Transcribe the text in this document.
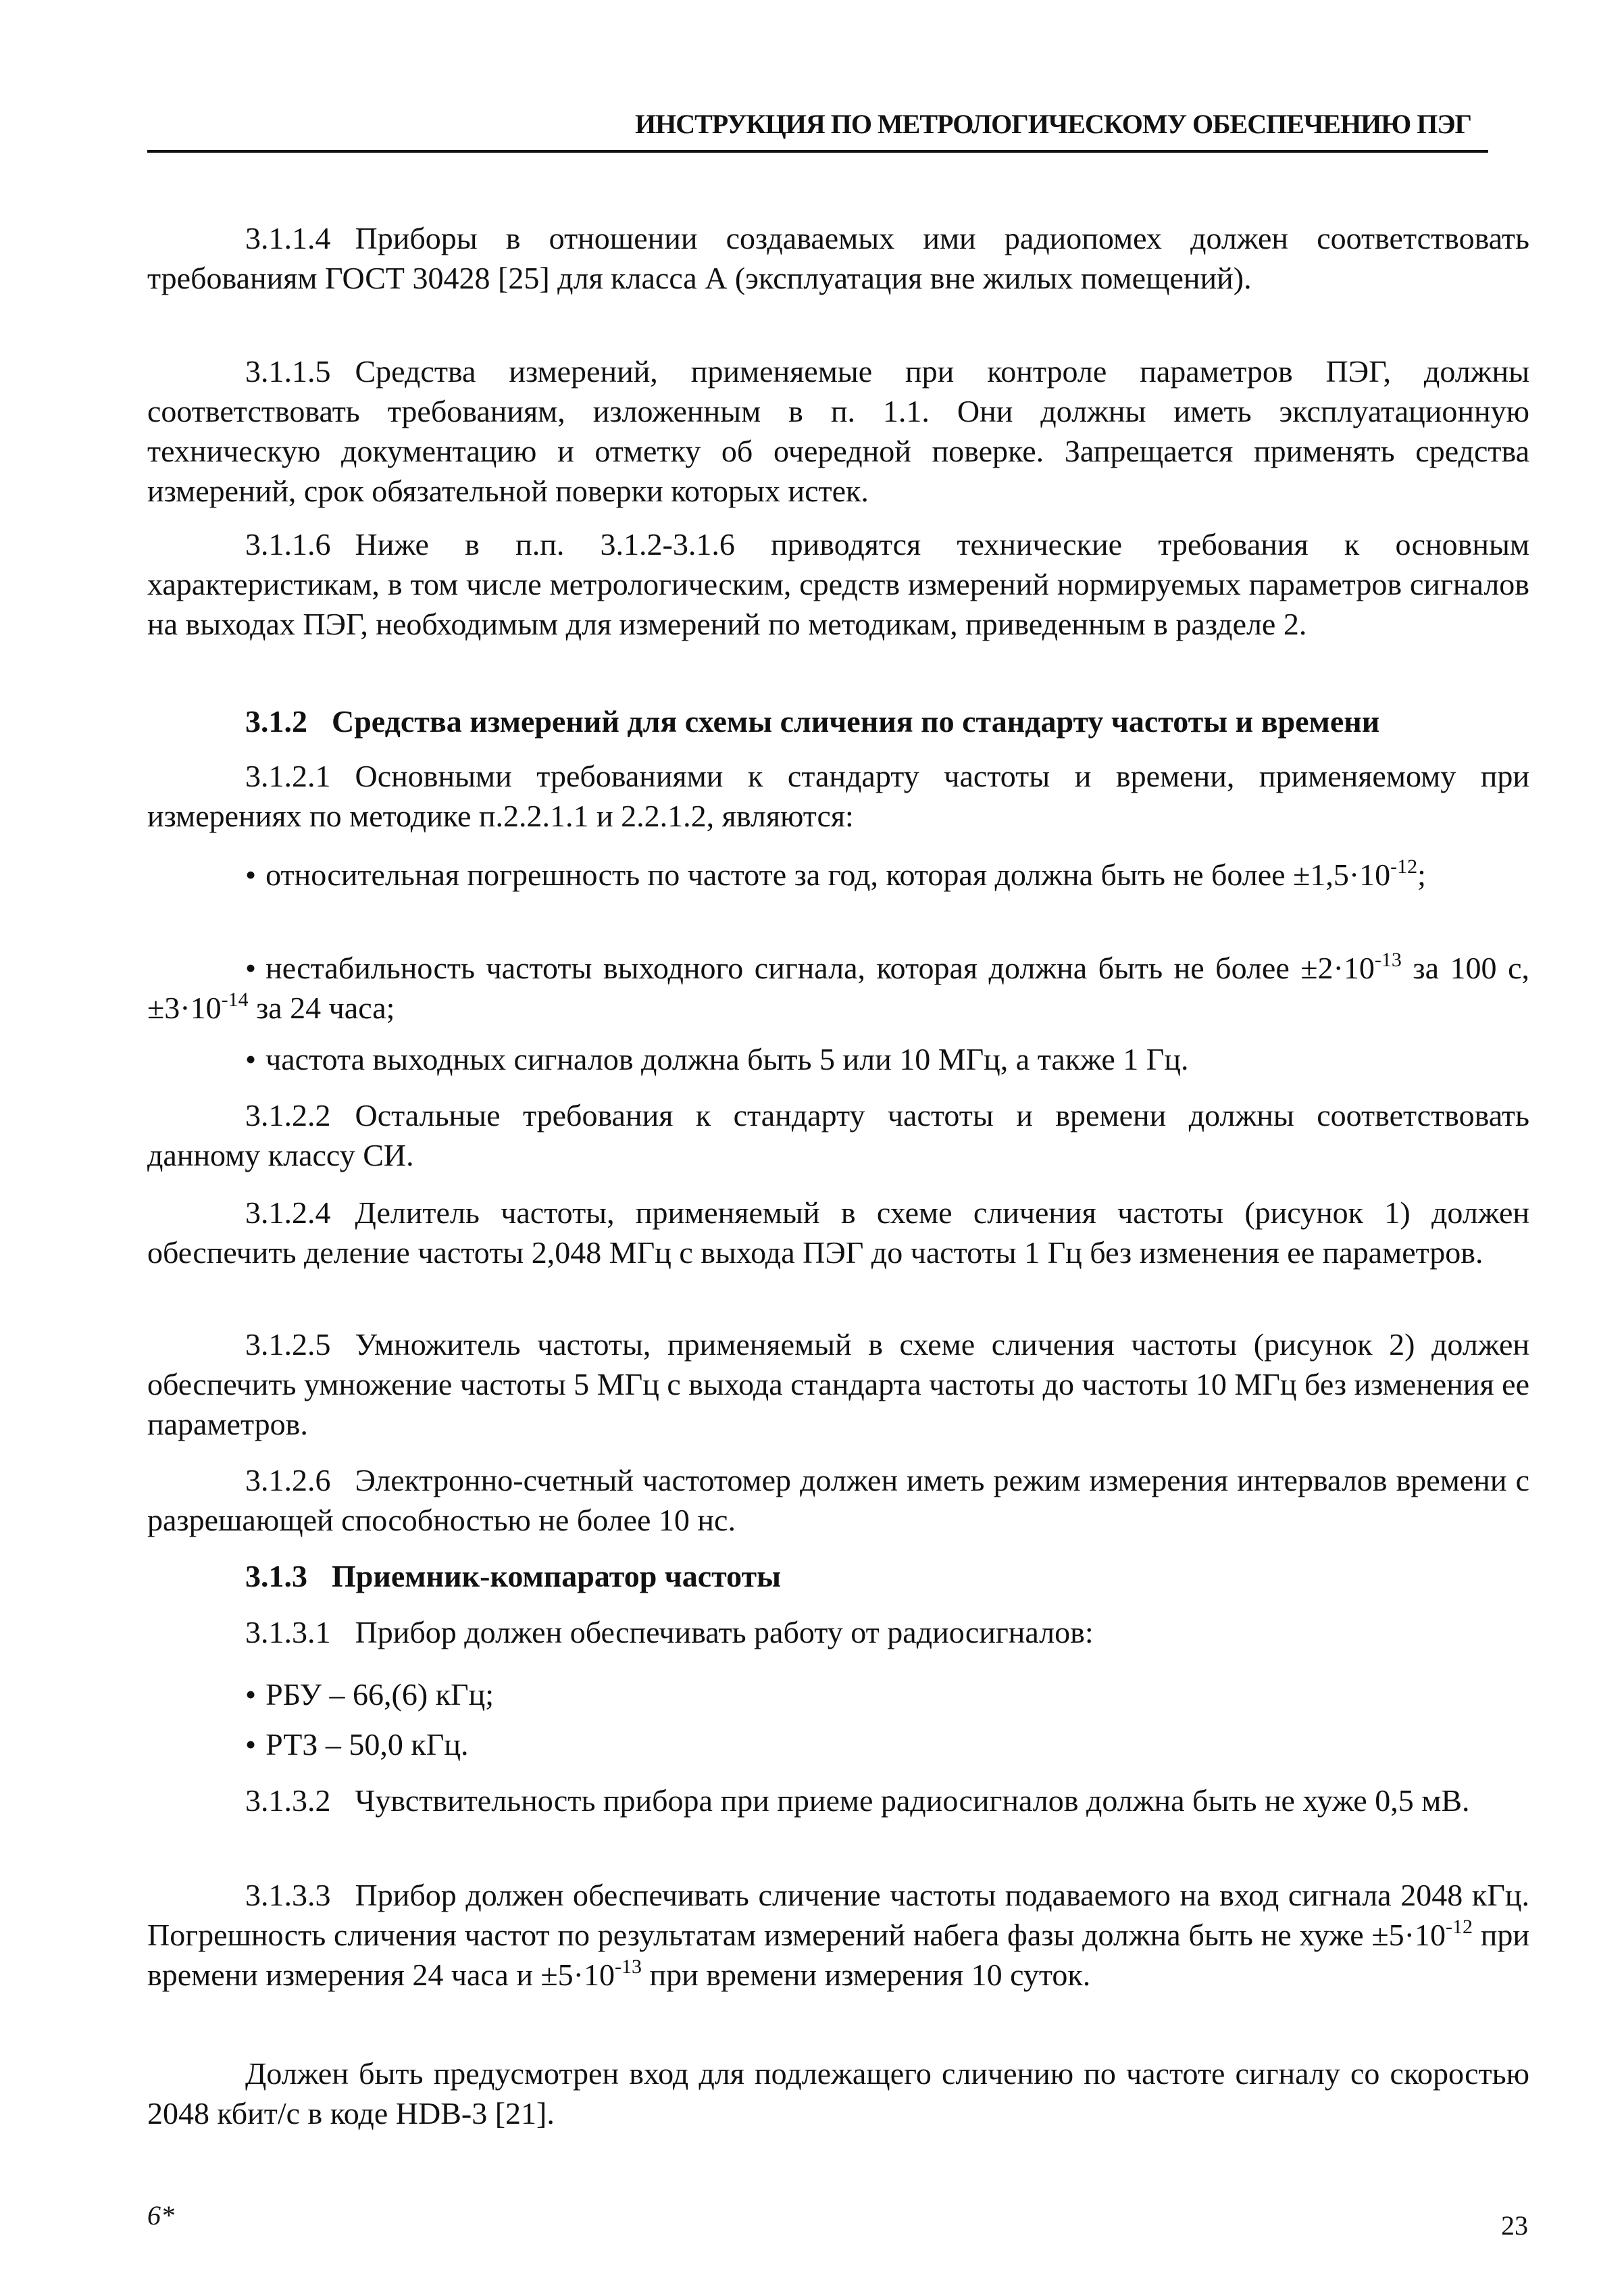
ИНСТРУКЦИЯ ПО МЕТРОЛОГИЧЕСКОМУ ОБЕСПЕЧЕНИЮ ПЭГ
3.1.1.4 Приборы в отношении создаваемых ими радиопомех должен соответствовать требованиям ГОСТ 30428 [25] для класса А (эксплуатация вне жилых помещений).
3.1.1.5 Средства измерений, применяемые при контроле параметров ПЭГ, должны соответствовать требованиям, изложенным в п. 1.1. Они должны иметь эксплуатационную техническую документацию и отметку об очередной поверке. Запрещается применять средства измерений, срок обязательной поверки которых истек.
3.1.1.6 Ниже в п.п. 3.1.2-3.1.6 приводятся технические требования к основным характеристикам, в том числе метрологическим, средств измерений нормируемых параметров сигналов на выходах ПЭГ, необходимым для измерений по методикам, приведенным в разделе 2.
3.1.2 Средства измерений для схемы сличения по стандарту частоты и времени
3.1.2.1 Основными требованиями к стандарту частоты и времени, применяемому при измерениях по методике п.2.2.1.1 и 2.2.1.2, являются:
• относительная погрешность по частоте за год, которая должна быть не более $\pm 1,5\cdot 10^{-12}$;
• нестабильность частоты выходного сигнала, которая должна быть не более $\pm 2\cdot 10^{-13}$ за 100 с, $\pm 3\cdot 10^{-14}$ за 24 часа;
• частота выходных сигналов должна быть 5 или 10 МГц, а также 1 Гц.
3.1.2.2 Остальные требования к стандарту частоты и времени должны соответствовать данному классу СИ.
3.1.2.4 Делитель частоты, применяемый в схеме сличения частоты (рисунок 1) должен обеспечить деление частоты 2,048 МГц с выхода ПЭГ до частоты 1 Гц без изменения ее параметров.
3.1.2.5 Умножитель частоты, применяемый в схеме сличения частоты (рисунок 2) должен обеспечить умножение частоты 5 МГц с выхода стандарта частоты до частоты 10 МГц без изменения ее параметров.
3.1.2.6 Электронно-счетный частотомер должен иметь режим измерения интервалов времени с разрешающей способностью не более 10 нс.
3.1.3 Приемник-компаратор частоты
3.1.3.1 Прибор должен обеспечивать работу от радиосигналов:
• РБУ – 66,(6) кГц;
• РТЗ – 50,0 кГц.
3.1.3.2 Чувствительность прибора при приеме радиосигналов должна быть не хуже 0,5 мВ.
3.1.3.3 Прибор должен обеспечивать сличение частоты подаваемого на вход сигнала 2048 кГц. Погрешность сличения частот по результатам измерений набега фазы должна быть не хуже $\pm 5\cdot 10^{-12}$ при времени измерения 24 часа $и \pm 5\cdot 10^{-13}$ при времени измерения 10 суток.
Должен быть предусмотрен вход для подлежащего сличению по частоте сигналу со скоростью 2048 кбит/с в коде HDB-3 [21].
6*	23
